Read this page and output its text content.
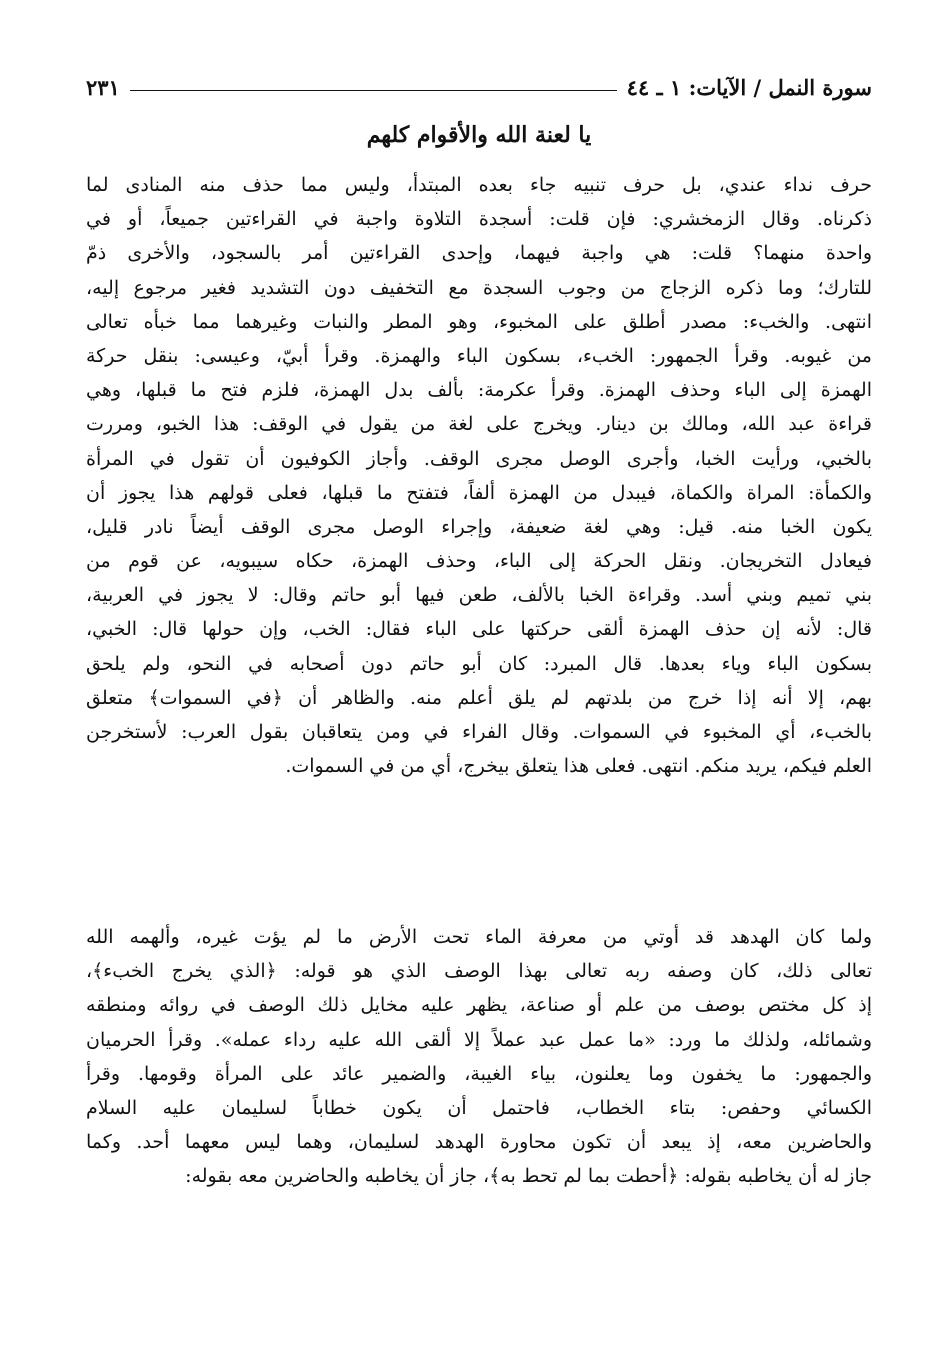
سورة النمل / الآيات: ١ ـ ٤٤
٢٣١
يا لعنة الله والأقوام كلهم
حرف نداء عندي، بل حرف تنبيه جاء بعده المبتدأ، وليس مما حذف منه المنادى لما
ذكرناه. وقال الزمخشري: فإن قلت: أسجدة التلاوة واجبة في القراءتين جميعاً، أو في
واحدة منهما؟ قلت: هي واجبة فيهما، وإحدى القراءتين أمر بالسجود، والأخرى ذمّ
للتارك؛ وما ذكره الزجاج من وجوب السجدة مع التخفيف دون التشديد فغير مرجوع إليه،
انتهى. والخبء: مصدر أطلق على المخبوء، وهو المطر والنبات وغيرهما مما خبأه تعالى
من غيوبه. وقرأ الجمهور: الخبء، بسكون الباء والهمزة. وقرأ أبيّ، وعيسى: بنقل حركة
الهمزة إلى الباء وحذف الهمزة. وقرأ عكرمة: بألف بدل الهمزة، فلزم فتح ما قبلها، وهي
قراءة عبد الله، ومالك بن دينار. ويخرج على لغة من يقول في الوقف: هذا الخبو، ومررت
بالخبي، ورأيت الخبا، وأجرى الوصل مجرى الوقف. وأجاز الكوفيون أن تقول في المرأة
والكمأة: المراة والكماة، فيبدل من الهمزة ألفاً، فتفتح ما قبلها، فعلى قولهم هذا يجوز أن
يكون الخبا منه. قيل: وهي لغة ضعيفة، وإجراء الوصل مجرى الوقف أيضاً نادر قليل،
فيعادل التخريجان. ونقل الحركة إلى الباء، وحذف الهمزة، حكاه سيبويه، عن قوم من
بني تميم وبني أسد. وقراءة الخبا بالألف، طعن فيها أبو حاتم وقال: لا يجوز في العربية،
قال: لأنه إن حذف الهمزة ألقى حركتها على الباء فقال: الخب، وإن حولها قال: الخبي،
بسكون الباء وياء بعدها. قال المبرد: كان أبو حاتم دون أصحابه في النحو، ولم يلحق
بهم، إلا أنه إذا خرج من بلدتهم لم يلق أعلم منه. والظاهر أن ﴿في السموات﴾ متعلق
بالخبء، أي المخبوء في السموات. وقال الفراء في ومن يتعاقبان بقول العرب: لأستخرجن
العلم فيكم، يريد منكم. انتهى. فعلى هذا يتعلق بيخرج، أي من في السموات.
ولما كان الهدهد قد أوتي من معرفة الماء تحت الأرض ما لم يؤت غيره، وألهمه الله
تعالى ذلك، كان وصفه ربه تعالى بهذا الوصف الذي هو قوله: ﴿الذي يخرج الخبء﴾،
إذ كل مختص بوصف من علم أو صناعة، يظهر عليه مخايل ذلك الوصف في روائه ومنطقه
وشمائله، ولذلك ما ورد: «ما عمل عبد عملاً إلا ألقى الله عليه رداء عمله». وقرأ الحرميان
والجمهور: ما يخفون وما يعلنون، بياء الغيبة، والضمير عائد على المرأة وقومها. وقرأ
الكسائي وحفص: بتاء الخطاب، فاحتمل أن يكون خطاباً لسليمان عليه السلام
والحاضرين معه، إذ يبعد أن تكون محاورة الهدهد لسليمان، وهما ليس معهما أحد. وكما
جاز له أن يخاطبه بقوله: ﴿أحطت بما لم تحط به﴾، جاز أن يخاطبه والحاضرين معه بقوله:
